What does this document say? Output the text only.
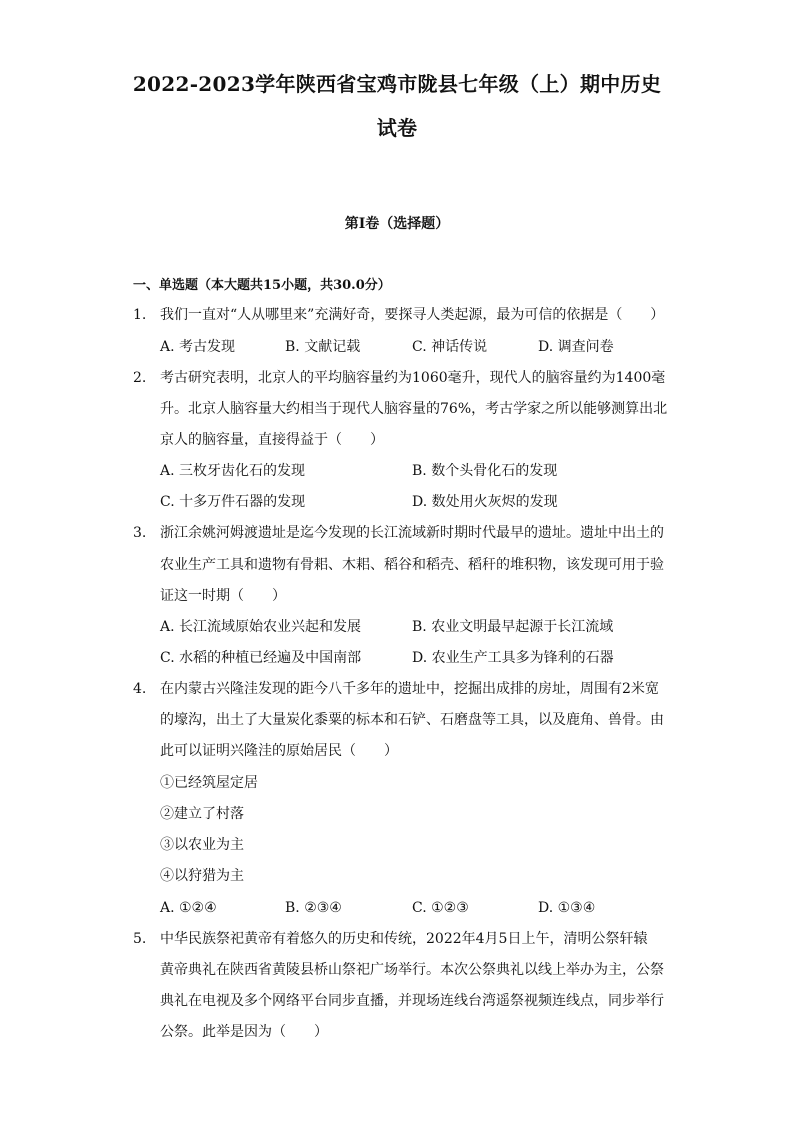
2022-2023学年陕西省宝鸡市陇县七年级（上）期中历史
试卷
第I卷（选择题）
一、单选题（本大题共15小题，共30.0分）
1. 我们一直对“人从哪里来”充满好奇，要探寻人类起源，最为可信的依据是（　　）
A. 考古发现	B. 文献记载	C. 神话传说	D. 调查问卷
2. 考古研究表明，北京人的平均脑容量约为1060毫升，现代人的脑容量约为1400毫
升。北京人脑容量大约相当于现代人脑容量的76%，考古学家之所以能够测算出北
京人的脑容量，直接得益于（　　）
A. 三枚牙齿化石的发现	B. 数个头骨化石的发现
C. 十多万件石器的发现	D. 数处用火灰烬的发现
3. 浙江余姚河姆渡遗址是迄今发现的长江流域新时期时代最早的遗址。遗址中出土的
农业生产工具和遗物有骨耜、木耜、稻谷和稻壳、稻秆的堆积物，该发现可用于验
证这一时期（　　）
A. 长江流域原始农业兴起和发展	B. 农业文明最早起源于长江流域
C. 水稻的种植已经遍及中国南部	D. 农业生产工具多为锋利的石器
4. 在内蒙古兴隆洼发现的距今八千多年的遗址中，挖掘出成排的房址，周围有2米宽
的壕沟，出土了大量炭化黍粟的标本和石铲、石磨盘等工具，以及鹿角、兽骨。由
此可以证明兴隆洼的原始居民（　　）
①已经筑屋定居
②建立了村落
③以农业为主
④以狩猎为主
A. ①②④	B. ②③④	C. ①②③	D. ①③④
5. 中华民族祭祀黄帝有着悠久的历史和传统，2022年4月5日上午，清明公祭轩辕
黄帝典礼在陕西省黄陵县桥山祭祀广场举行。本次公祭典礼以线上举办为主，公祭
典礼在电视及多个网络平台同步直播，并现场连线台湾遥祭视频连线点，同步举行
公祭。此举是因为（　　）
